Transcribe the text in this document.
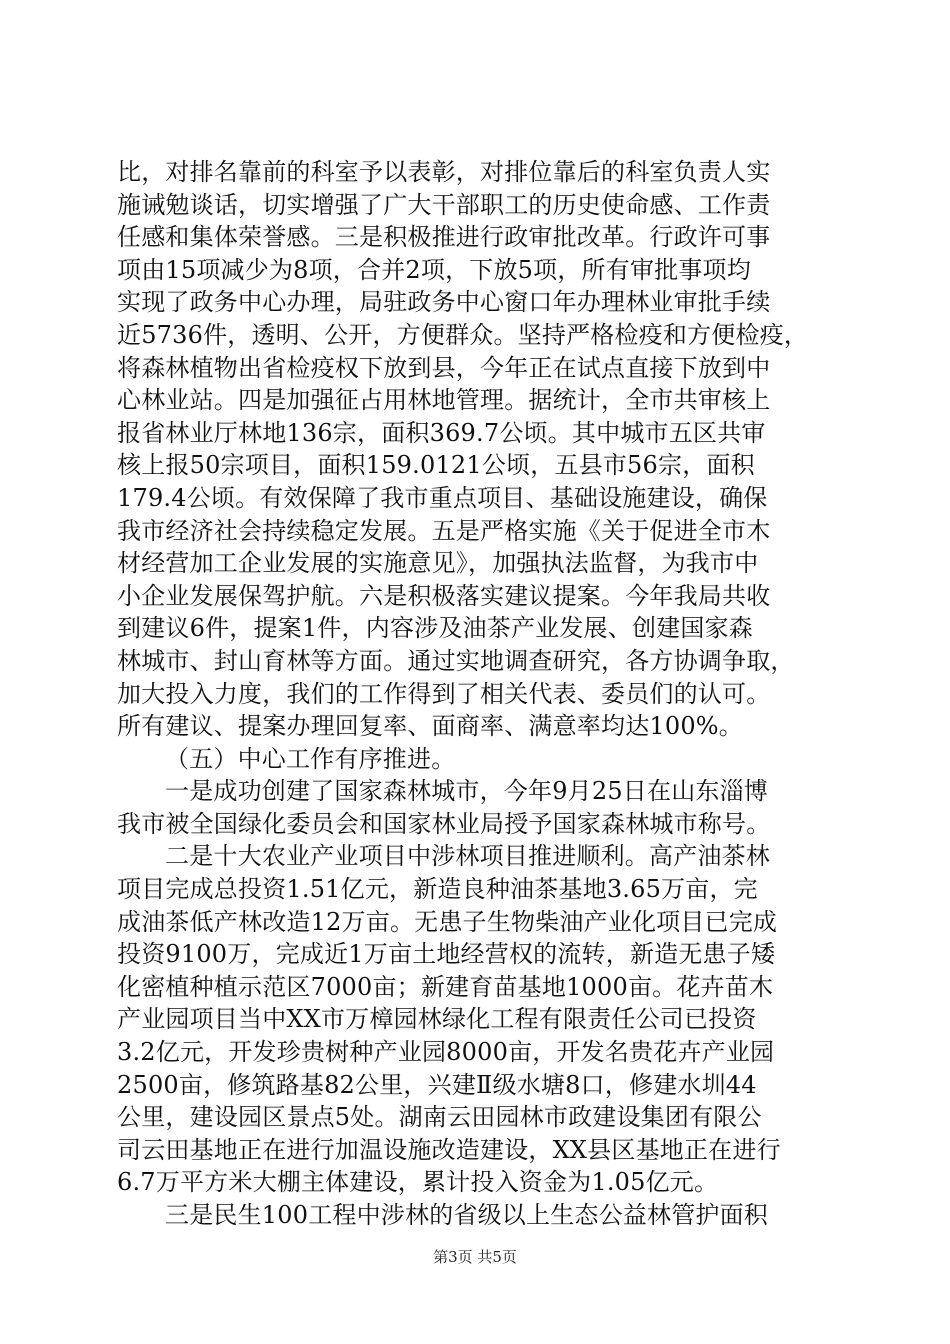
比，对排名靠前的科室予以表彰，对排位靠后的科室负责人实
施诫勉谈话，切实增强了广大干部职工的历史使命感、工作责
任感和集体荣誉感。三是积极推进行政审批改革。行政许可事
项由15项减少为8项，合并2项，下放5项，所有审批事项均
实现了政务中心办理，局驻政务中心窗口年办理林业审批手续
近5736件，透明、公开，方便群众。坚持严格检疫和方便检疫，
将森林植物出省检疫权下放到县，今年正在试点直接下放到中
心林业站。四是加强征占用林地管理。据统计，全市共审核上
报省林业厅林地136宗，面积369.7公顷。其中城市五区共审
核上报50宗项目，面积159.0121公顷，五县市56宗，面积
179.4公顷。有效保障了我市重点项目、基础设施建设，确保
我市经济社会持续稳定发展。五是严格实施《关于促进全市木
材经营加工企业发展的实施意见》，加强执法监督，为我市中
小企业发展保驾护航。六是积极落实建议提案。今年我局共收
到建议6件，提案1件，内容涉及油茶产业发展、创建国家森
林城市、封山育林等方面。通过实地调查研究，各方协调争取，
加大投入力度，我们的工作得到了相关代表、委员们的认可。
所有建议、提案办理回复率、面商率、满意率均达100%。
（五）中心工作有序推进。
一是成功创建了国家森林城市，今年9月25日在山东淄博
我市被全国绿化委员会和国家林业局授予国家森林城市称号。
二是十大农业产业项目中涉林项目推进顺利。高产油茶林
项目完成总投资1.51亿元，新造良种油茶基地3.65万亩，完
成油茶低产林改造12万亩。无患子生物柴油产业化项目已完成
投资9100万，完成近1万亩土地经营权的流转，新造无患子矮
化密植种植示范区7000亩；新建育苗基地1000亩。花卉苗木
产业园项目当中XX市万樟园林绿化工程有限责任公司已投资
3.2亿元，开发珍贵树种产业园8000亩，开发名贵花卉产业园
2500亩，修筑路基82公里，兴建Ⅱ级水塘8口，修建水圳44
公里，建设园区景点5处。湖南云田园林市政建设集团有限公
司云田基地正在进行加温设施改造建设，XX县区基地正在进行
6.7万平方米大棚主体建设，累计投入资金为1.05亿元。
三是民生100工程中涉林的省级以上生态公益林管护面积
第3页 共5页
